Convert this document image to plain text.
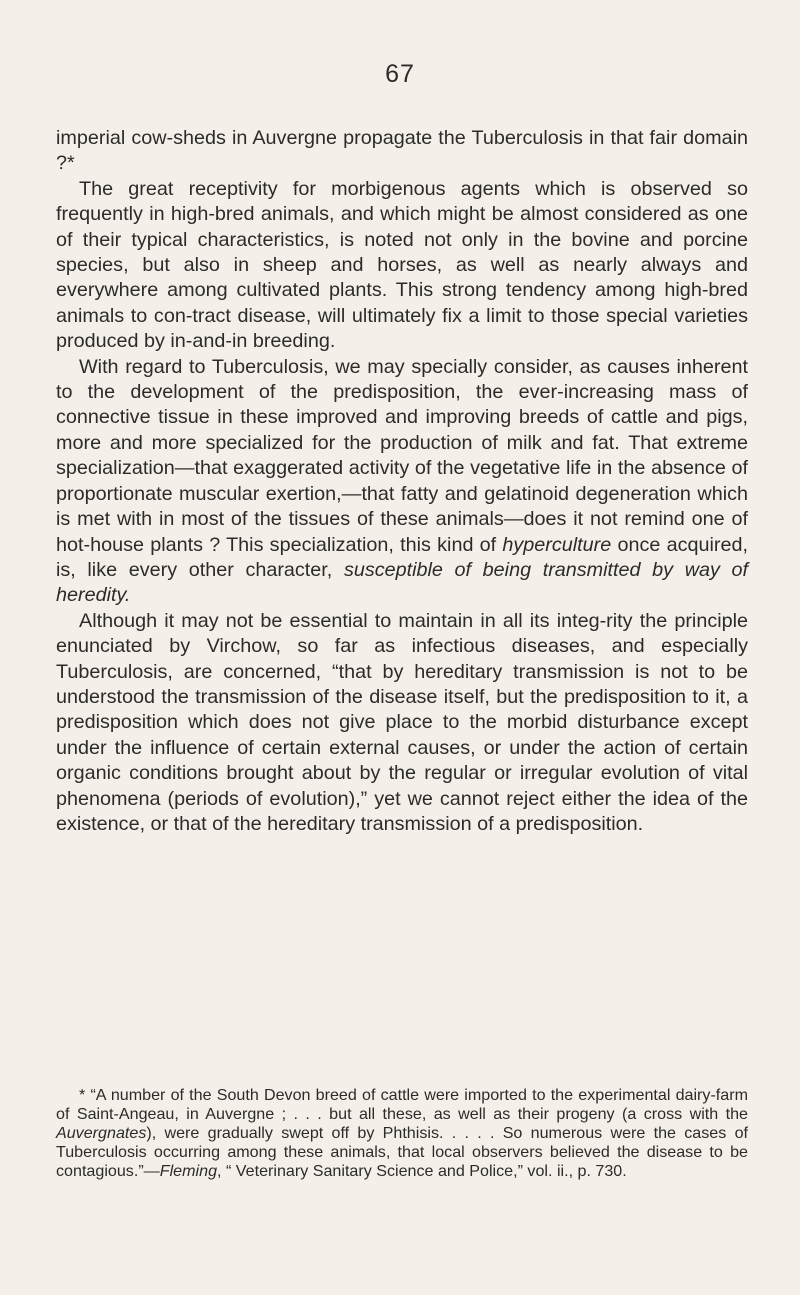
67

imperial cow-sheds in Auvergne propagate the Tuberculosis in that fair domain ?*

The great receptivity for morbigenous agents which is observed so frequently in high-bred animals, and which might be almost considered as one of their typical characteristics, is noted not only in the bovine and porcine species, but also in sheep and horses, as well as nearly always and everywhere among cultivated plants. This strong tendency among high-bred animals to con-tract disease, will ultimately fix a limit to those special varieties produced by in-and-in breeding.

With regard to Tuberculosis, we may specially consider, as causes inherent to the development of the predisposition, the ever-increasing mass of connective tissue in these improved and improving breeds of cattle and pigs, more and more specialized for the production of milk and fat. That extreme specialization—that exaggerated activity of the vegetative life in the absence of proportionate muscular exertion,—that fatty and gelatinoid degeneration which is met with in most of the tissues of these animals—does it not remind one of hot-house plants ? This specialization, this kind of hyperculture once acquired, is, like every other character, susceptible of being transmitted by way of heredity.

Although it may not be essential to maintain in all its integ-rity the principle enunciated by Virchow, so far as infectious diseases, and especially Tuberculosis, are concerned, “that by hereditary transmission is not to be understood the transmission of the disease itself, but the predisposition to it, a predisposition which does not give place to the morbid disturbance except under the influence of certain external causes, or under the action of certain organic conditions brought about by the regular or irregular evolution of vital phenomena (periods of evolution),” yet we cannot reject either the idea of the existence, or that of the hereditary transmission of a predisposition.

* “A number of the South Devon breed of cattle were imported to the experimental dairy-farm of Saint-Angeau, in Auvergne ; . . . but all these, as well as their progeny (a cross with the Auvergnates), were gradually swept off by Phthisis. . . . . So numerous were the cases of Tuberculosis occurring among these animals, that local observers believed the disease to be contagious.”—Fleming, “ Veterinary Sanitary Science and Police,” vol. ii., p. 730.
